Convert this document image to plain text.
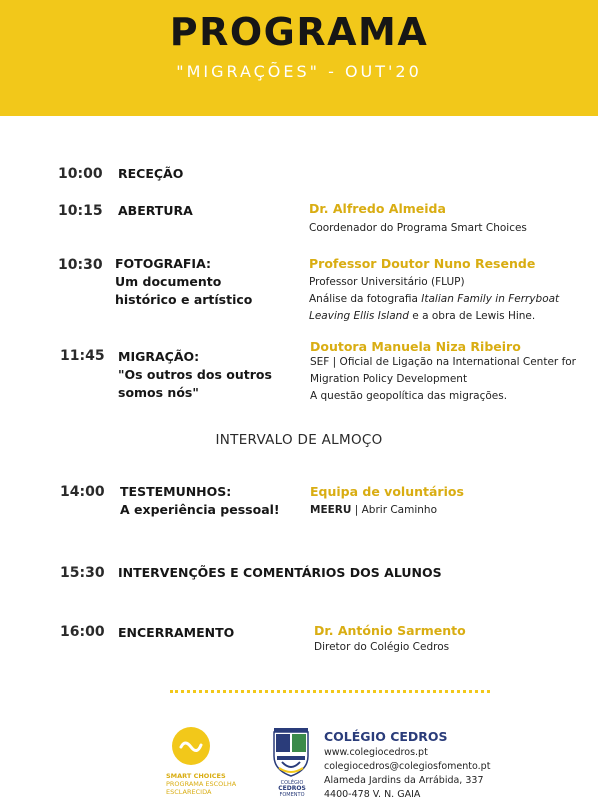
PROGRAMA
"MIGRAÇÕES" - OUT'20
10:00 RECEÇÃO
10:15 ABERTURA	Dr. Alfredo Almeida
Coordenador do Programa Smart Choices
10:30 FOTOGRAFIA:
Um documento
histórico e artístico
Professor Doutor Nuno Resende
Professor Universitário (FLUP)
Análise da fotografia Italian Family in Ferryboat
Leaving Ellis Island e a obra de Lewis Hine.
11:45 MIGRAÇÃO:
"Os outros dos outros
somos nós"
Doutora Manuela Niza Ribeiro
SEF | Oficial de Ligação na International Center for
Migration Policy Development
A questão geopolítica das migrações.
INTERVALO DE ALMOÇO
14:00 TESTEMUNHOS:
A experiência pessoal!
Equipa de voluntários
MEERU | Abrir Caminho
15:30 INTERVENÇÕES E COMENTÁRIOS DOS ALUNOS
16:00 ENCERRAMENTO	Dr. António Sarmento
Diretor do Colégio Cedros
SMART CHOICES
PROGRAMA ESCOLHA
ESCLARECIDA
COLÉGIO
CEDROS
FOMENTO
COLÉGIO CEDROS
www.colegiocedros.pt
colegiocedros@colegiosfomento.pt
Alameda Jardins da Arrábida, 337
4400-478 V. N. GAIA
